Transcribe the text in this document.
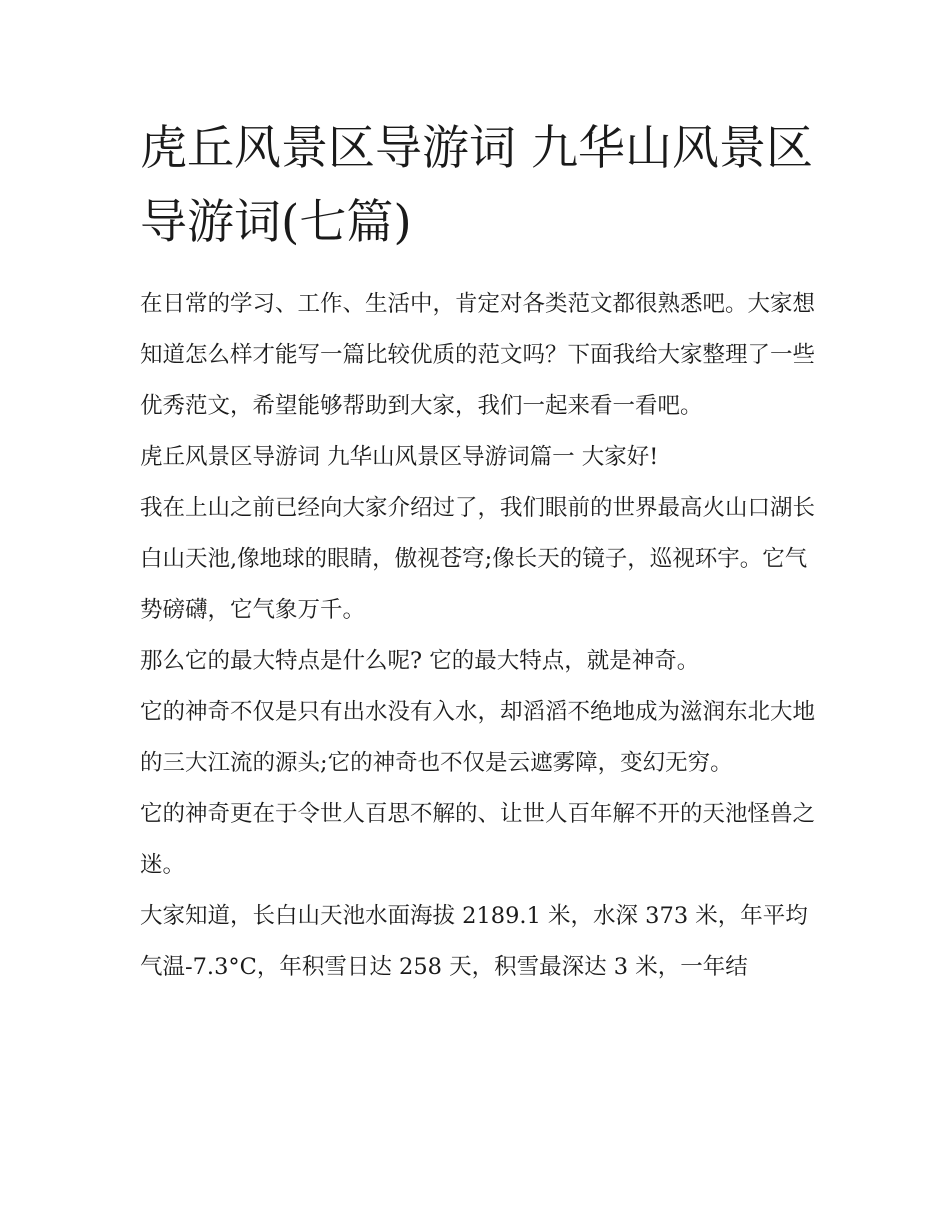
虎丘风景区导游词 九华山风景区导游词(七篇)

在日常的学习、工作、生活中，肯定对各类范文都很熟悉吧。大家想知道怎么样才能写一篇比较优质的范文吗？下面我给大家整理了一些优秀范文，希望能够帮助到大家，我们一起来看一看吧。

虎丘风景区导游词 九华山风景区导游词篇一 大家好!

我在上山之前已经向大家介绍过了，我们眼前的世界最高火山口湖长白山天池,像地球的眼睛，傲视苍穹;像长天的镜子，巡视环宇。它气势磅礴，它气象万千。

那么它的最大特点是什么呢? 它的最大特点，就是神奇。

它的神奇不仅是只有出水没有入水，却滔滔不绝地成为滋润东北大地的三大江流的源头;它的神奇也不仅是云遮雾障，变幻无穷。

它的神奇更在于令世人百思不解的、让世人百年解不开的天池怪兽之迷。

大家知道，长白山天池水面海拔 2189.1 米，水深 373 米，年平均气温-7.3°C，年积雪日达 258 天，积雪最深达 3 米，一年结
